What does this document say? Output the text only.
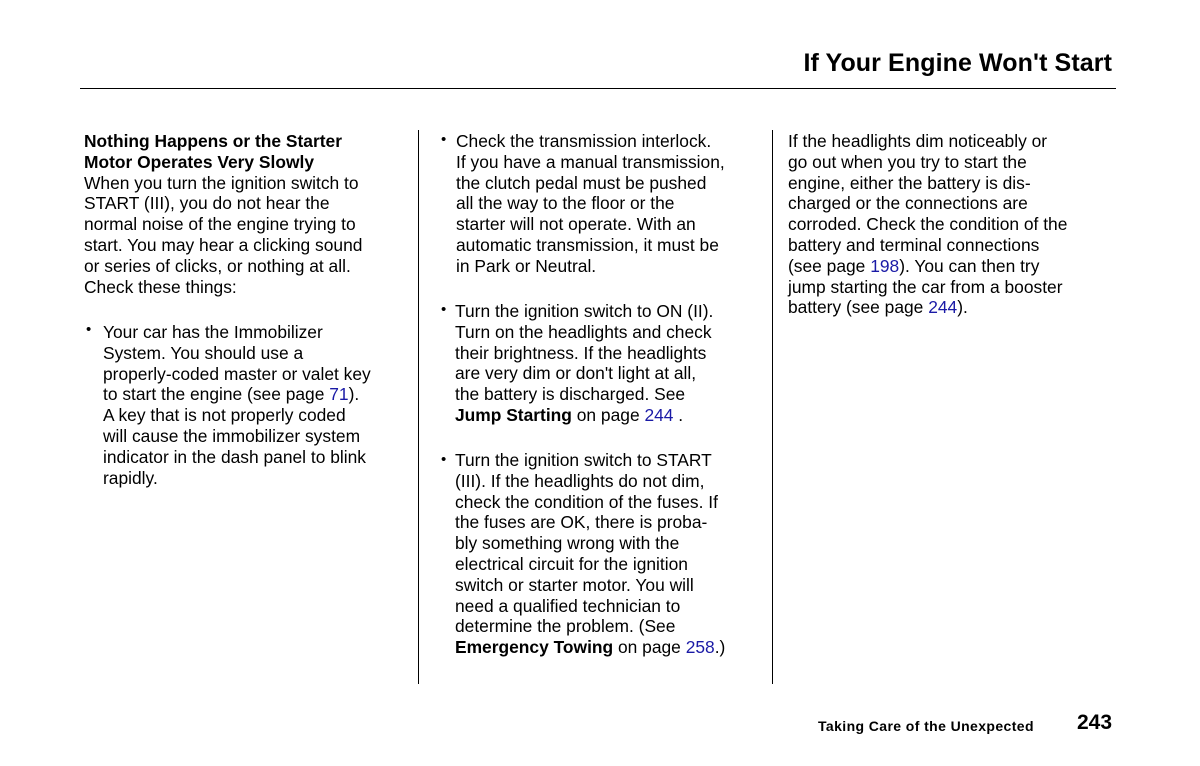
If Your Engine Won't Start
Nothing Happens or the Starter
Motor Operates Very Slowly
When you turn the ignition switch to
START (III), you do not hear the
normal noise of the engine trying to
start. You may hear a clicking sound
or series of clicks, or nothing at all.
Check these things:
• Your car has the Immobilizer
System. You should use a
properly-coded master or valet key
to start the engine (see page 71).
A key that is not properly coded
will cause the immobilizer system
indicator in the dash panel to blink
rapidly.
• Check the transmission interlock.
If you have a manual transmission,
the clutch pedal must be pushed
all the way to the floor or the
starter will not operate. With an
automatic transmission, it must be
in Park or Neutral.
• Turn the ignition switch to ON (II).
Turn on the headlights and check
their brightness. If the headlights
are very dim or don't light at all,
the battery is discharged. See
Jump Starting on page 244 .
• Turn the ignition switch to START
(III). If the headlights do not dim,
check the condition of the fuses. If
the fuses are OK, there is proba-
bly something wrong with the
electrical circuit for the ignition
switch or starter motor. You will
need a qualified technician to
determine the problem. (See
Emergency Towing on page 258.)
If the headlights dim noticeably or
go out when you try to start the
engine, either the battery is dis-
charged or the connections are
corroded. Check the condition of the
battery and terminal connections
(see page 198). You can then try
jump starting the car from a booster
battery (see page 244).
Taking Care of the Unexpected 243
